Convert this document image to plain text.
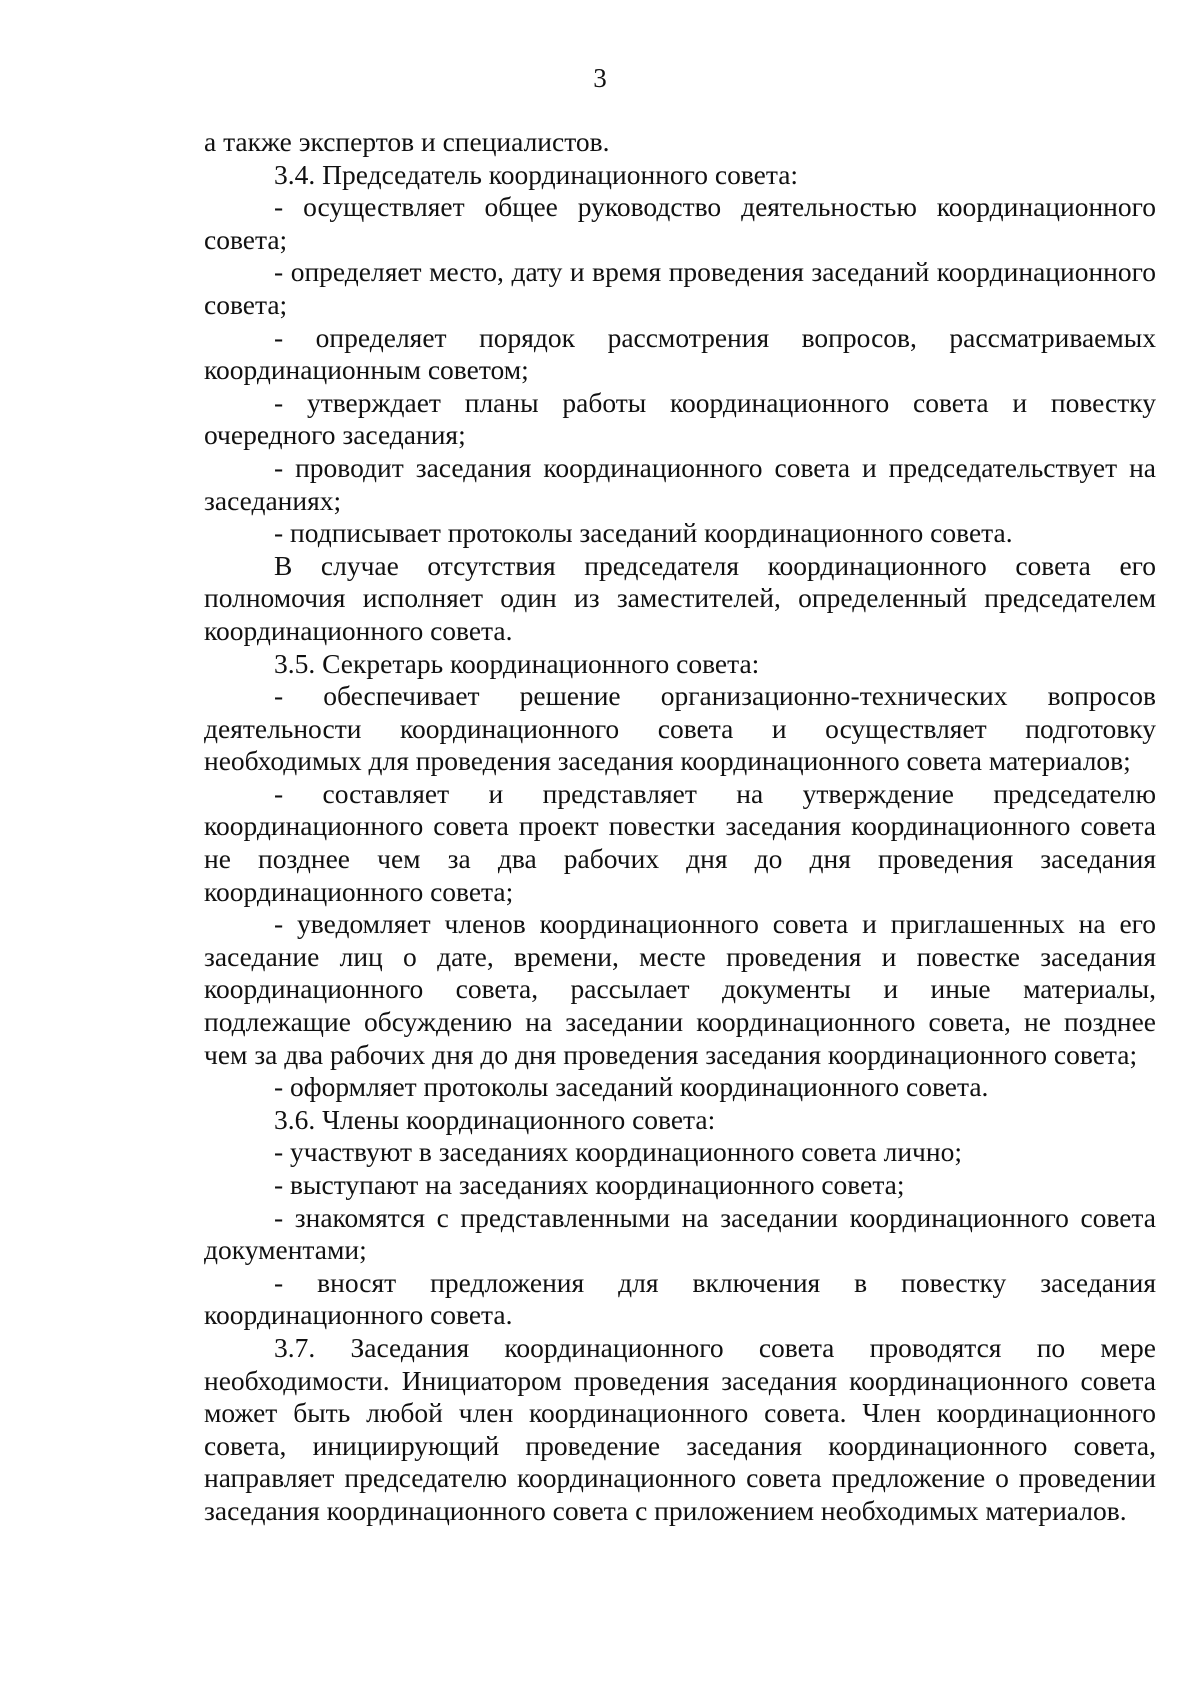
3

а также экспертов и специалистов.

3.4. Председатель координационного совета:

- осуществляет общее руководство деятельностью координационного совета;

- определяет место, дату и время проведения заседаний координационного совета;

- определяет порядок рассмотрения вопросов, рассматриваемых координационным советом;

- утверждает планы работы координационного совета и повестку очередного заседания;

- проводит заседания координационного совета и председательствует на заседаниях;

- подписывает протоколы заседаний координационного совета.

В случае отсутствия председателя координационного совета его полномочия исполняет один из заместителей, определенный председателем координационного совета.

3.5. Секретарь координационного совета:

- обеспечивает решение организационно-технических вопросов деятельности координационного совета и осуществляет подготовку необходимых для проведения заседания координационного совета материалов;

- составляет и представляет на утверждение председателю координационного совета проект повестки заседания координационного совета не позднее чем за два рабочих дня до дня проведения заседания координационного совета;

- уведомляет членов координационного совета и приглашенных на его заседание лиц о дате, времени, месте проведения и повестке заседания координационного совета, рассылает документы и иные материалы, подлежащие обсуждению на заседании координационного совета, не позднее чем за два рабочих дня до дня проведения заседания координационного совета;

- оформляет протоколы заседаний координационного совета.

3.6. Члены координационного совета:

- участвуют в заседаниях координационного совета лично;

- выступают на заседаниях координационного совета;

- знакомятся с представленными на заседании координационного совета документами;

- вносят предложения для включения в повестку заседания координационного совета.

3.7. Заседания координационного совета проводятся по мере необходимости. Инициатором проведения заседания координационного совета может быть любой член координационного совета. Член координационного совета, инициирующий проведение заседания координационного совета, направляет председателю координационного совета предложение о проведении заседания координационного совета с приложением необходимых материалов.
